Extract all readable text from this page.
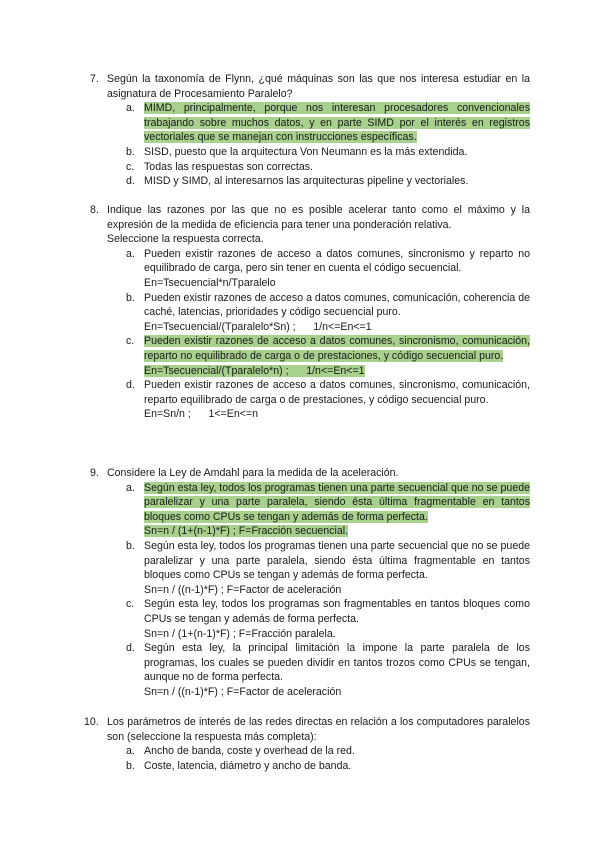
7. Según la taxonomía de Flynn, ¿qué máquinas son las que nos interesa estudiar en la asignatura de Procesamiento Paralelo?
a. MIMD, principalmente, porque nos interesan procesadores convencionales trabajando sobre muchos datos, y en parte SIMD por el interés en registros vectoriales que se manejan con instrucciones específicas.
b. SISD, puesto que la arquitectura Von Neumann es la más extendida.
c. Todas las respuestas son correctas.
d. MISD y SIMD, al interesarnos las arquitecturas pipeline y vectoriales.
8. Indique las razones por las que no es posible acelerar tanto como el máximo y la expresión de la medida de eficiencia para tener una ponderación relativa.
Seleccione la respuesta correcta.
a. Pueden existir razones de acceso a datos comunes, sincronismo y reparto no equilibrado de carga, pero sin tener en cuenta el código secuencial.
En=Tsecuencial*n/Tparalelo
b. Pueden existir razones de acceso a datos comunes, comunicación, coherencia de caché, latencias, prioridades y código secuencial puro.
En=Tsecuencial/(Tparalelo*Sn) ;      1/n<=En<=1
c. Pueden existir razones de acceso a datos comunes, sincronismo, comunicación, reparto no equilibrado de carga o de prestaciones, y código secuencial puro.
En=Tsecuencial/(Tparalelo*n) ;      1/n<=En<=1
d. Pueden existir razones de acceso a datos comunes, sincronismo, comunicación, reparto equilibrado de carga o de prestaciones, y código secuencial puro.
En=Sn/n ;      1<=En<=n
9. Considere la Ley de Amdahl para la medida de la aceleración.
a. Según esta ley, todos los programas tienen una parte secuencial que no se puede paralelizar y una parte paralela, siendo ésta última fragmentable en tantos bloques como CPUs se tengan y además de forma perfecta.
Sn=n / (1+(n-1)*F) ; F=Fracción secuencial.
b. Según esta ley, todos los programas tienen una parte secuencial que no se puede paralelizar y una parte paralela, siendo ésta última fragmentable en tantos bloques como CPUs se tengan y además de forma perfecta.
Sn=n / ((n-1)*F) ; F=Factor de aceleración
c. Según esta ley, todos los programas son fragmentables en tantos bloques como CPUs se tengan y además de forma perfecta.
Sn=n / (1+(n-1)*F) ; F=Fracción paralela.
d. Según esta ley, la principal limitación la impone la parte paralela de los programas, los cuales se pueden dividir en tantos trozos como CPUs se tengan, aunque no de forma perfecta.
Sn=n / ((n-1)*F) ; F=Factor de aceleración
10. Los parámetros de interés de las redes directas en relación a los computadores paralelos son (seleccione la respuesta más completa):
a. Ancho de banda, coste y overhead de la red.
b. Coste, latencia, diámetro y ancho de banda.
